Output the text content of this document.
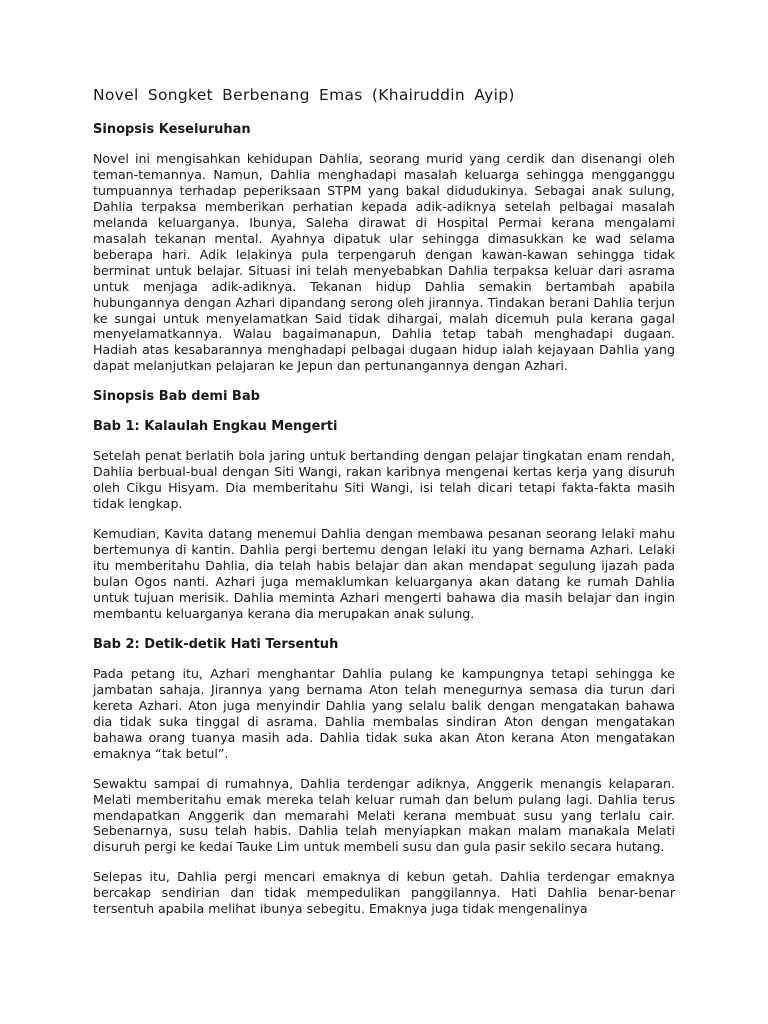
Novel Songket Berbenang Emas (Khairuddin Ayip)
Sinopsis Keseluruhan

Novel ini mengisahkan kehidupan Dahlia, seorang murid yang cerdik dan disenangi oleh teman-temannya. Namun, Dahlia menghadapi masalah keluarga sehingga mengganggu tumpuannya terhadap peperiksaan STPM yang bakal didudukinya. Sebagai anak sulung, Dahlia terpaksa memberikan perhatian kepada adik-adiknya setelah pelbagai masalah melanda keluarganya. Ibunya, Saleha dirawat di Hospital Permai kerana mengalami masalah tekanan mental. Ayahnya dipatuk ular sehingga dimasukkan ke wad selama beberapa hari. Adik lelakinya pula terpengaruh dengan kawan-kawan sehingga tidak berminat untuk belajar. Situasi ini telah menyebabkan Dahlia terpaksa keluar dari asrama untuk menjaga adik-adiknya. Tekanan hidup Dahlia semakin bertambah apabila hubungannya dengan Azhari dipandang serong oleh jirannya. Tindakan berani Dahlia terjun ke sungai untuk menyelamatkan Said tidak dihargai, malah dicemuh pula kerana gagal menyelamatkannya. Walau bagaimanapun, Dahlia tetap tabah menghadapi dugaan. Hadiah atas kesabarannya menghadapi pelbagai dugaan hidup ialah kejayaan Dahlia yang dapat melanjutkan pelajaran ke Jepun dan pertunangannya dengan Azhari.

Sinopsis Bab demi Bab
Bab 1: Kalaulah Engkau Mengerti

Setelah penat berlatih bola jaring untuk bertanding dengan pelajar tingkatan enam rendah, Dahlia berbual-bual dengan Siti Wangi, rakan karibnya mengenai kertas kerja yang disuruh oleh Cikgu Hisyam. Dia memberitahu Siti Wangi, isi telah dicari tetapi fakta-fakta masih tidak lengkap.

Kemudian, Kavita datang menemui Dahlia dengan membawa pesanan seorang lelaki mahu bertemunya di kantin. Dahlia pergi bertemu dengan lelaki itu yang bernama Azhari. Lelaki itu memberitahu Dahlia, dia telah habis belajar dan akan mendapat segulung ijazah pada bulan Ogos nanti. Azhari juga memaklumkan keluarganya akan datang ke rumah Dahlia untuk tujuan merisik. Dahlia meminta Azhari mengerti bahawa dia masih belajar dan ingin membantu keluarganya kerana dia merupakan anak sulung.

Bab 2: Detik-detik Hati Tersentuh

Pada petang itu, Azhari menghantar Dahlia pulang ke kampungnya tetapi sehingga ke jambatan sahaja. Jirannya yang bernama Aton telah menegurnya semasa dia turun dari kereta Azhari. Aton juga menyindir Dahlia yang selalu balik dengan mengatakan bahawa dia tidak suka tinggal di asrama. Dahlia membalas sindiran Aton dengan mengatakan bahawa orang tuanya masih ada. Dahlia tidak suka akan Aton kerana Aton mengatakan emaknya “tak betul”.

Sewaktu sampai di rumahnya, Dahlia terdengar adiknya, Anggerik menangis kelaparan. Melati memberitahu emak mereka telah keluar rumah dan belum pulang lagi. Dahlia terus mendapatkan Anggerik dan memarahi Melati kerana membuat susu yang terlalu cair. Sebenarnya, susu telah habis. Dahlia telah menyiapkan makan malam manakala Melati disuruh pergi ke kedai Tauke Lim untuk membeli susu dan gula pasir sekilo secara hutang.

Selepas itu, Dahlia pergi mencari emaknya di kebun getah. Dahlia terdengar emaknya bercakap sendirian dan tidak mempedulikan panggilannya. Hati Dahlia benar-benar tersentuh apabila melihat ibunya sebegitu. Emaknya juga tidak mengenalinya
